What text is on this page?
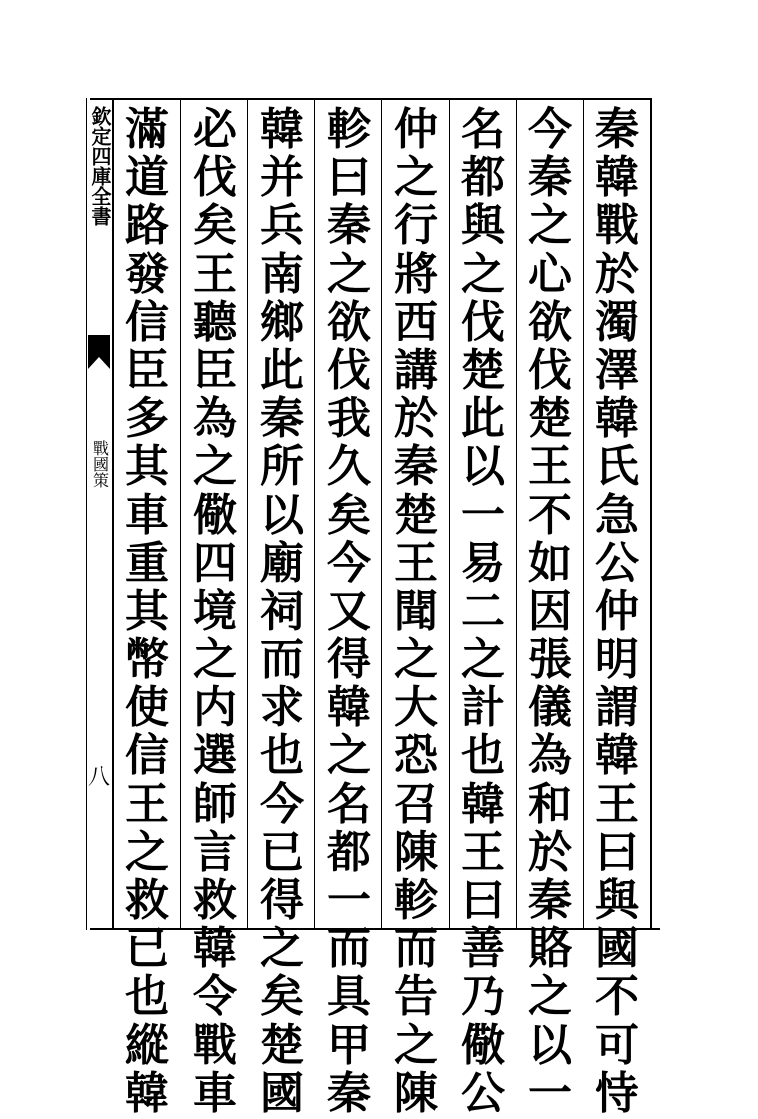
欽定四庫全書
戰國策
八
秦
韓
戰
於
濁
澤
韓
氏
急
公
仲
明
謂
韓
王
曰
與
國
不
可
恃
今
秦
之
心
欲
伐
楚
王
不
如
因
張
儀
為
和
於
秦
賂
之
以
一
名
都
與
之
伐
楚
此
以
一
易
二
之
計
也
韓
王
曰
善
乃
儆
公
仲
之
行
將
西
講
於
秦
楚
王
聞
之
大
恐
召
陳
軫
而
告
之
陳
軫
曰
秦
之
欲
伐
我
久
矣
今
又
得
韓
之
名
都
一
而
具
甲
秦
韓
并
兵
南
鄉
此
秦
所
以
廟
祠
而
求
也
今
已
得
之
矣
楚
國
必
伐
矣
王
聽
臣
為
之
儆
四
境
之
内
選
師
言
救
韓
令
戰
車
滿
道
路
發
信
臣
多
其
車
重
其
幣
使
信
王
之
救
已
也
縱
韓
